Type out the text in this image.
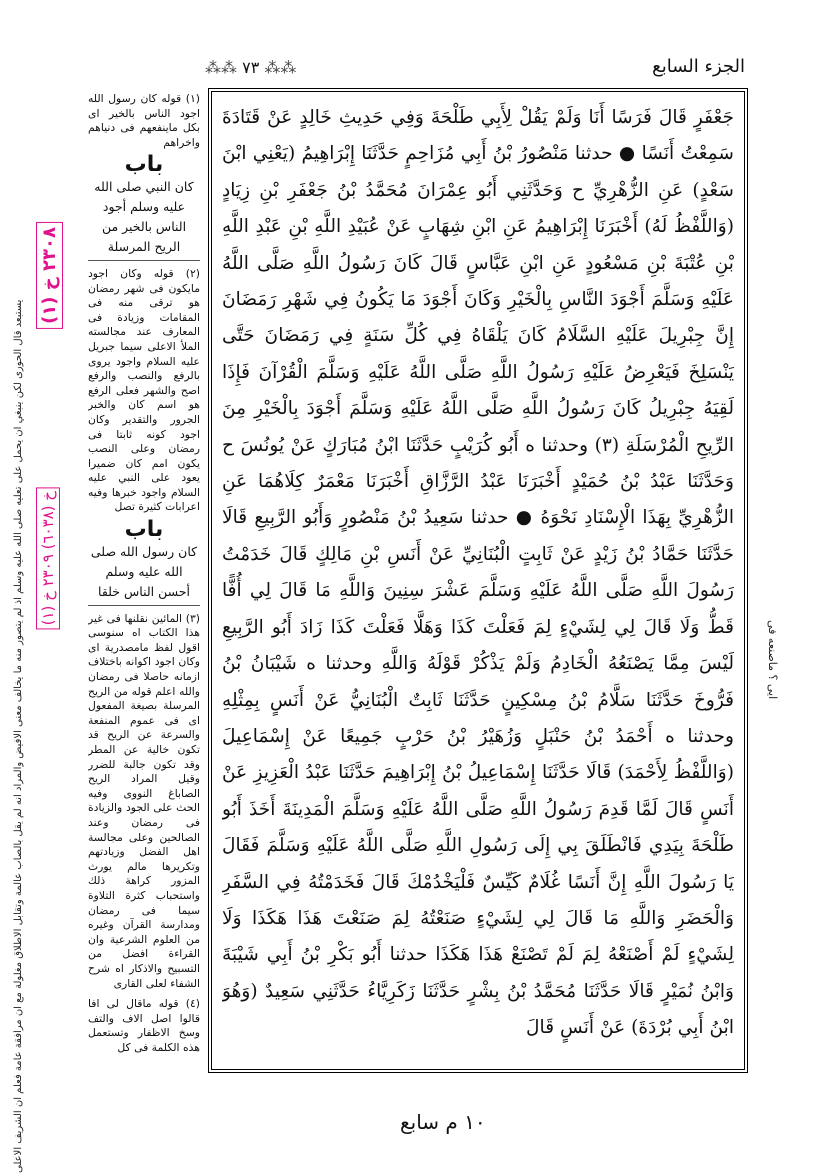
الجزء السابع
⁂⁂ ٧٣ ⁂⁂

جَعْفَرٍ قَالَ فَرَسًا أَنَا وَلَمْ يَقُلْ لِأَبِي طَلْحَةَ وَفِي حَدِيثِ خَالِدٍ عَنْ قَتَادَةَ سَمِعْتُ أَنَسًا ● حدثنا مَنْصُورُ بْنُ أَبِي مُزَاحِمٍ حَدَّثَنَا إِبْرَاهِيمُ (يَعْنِي ابْنَ سَعْدٍ) عَنِ الزُّهْرِيِّ ح وَحَدَّثَنِي أَبُو عِمْرَانَ مُحَمَّدُ بْنُ جَعْفَرِ بْنِ زِيَادٍ (وَاللَّفْظُ لَهُ) أَخْبَرَنَا إِبْرَاهِيمُ عَنِ ابْنِ شِهَابٍ عَنْ عُبَيْدِ اللَّهِ بْنِ عَبْدِ اللَّهِ بْنِ عُتْبَةَ بْنِ مَسْعُودٍ عَنِ ابْنِ عَبَّاسٍ قَالَ كَانَ رَسُولُ اللَّهِ صَلَّى اللَّهُ عَلَيْهِ وَسَلَّمَ أَجْوَدَ النَّاسِ بِالْخَيْرِ وَكَانَ أَجْوَدَ مَا يَكُونُ فِي شَهْرِ رَمَضَانَ إِنَّ جِبْرِيلَ عَلَيْهِ السَّلَامُ كَانَ يَلْقَاهُ فِي كُلِّ سَنَةٍ فِي رَمَضَانَ حَتَّى يَنْسَلِخَ فَيَعْرِضُ عَلَيْهِ رَسُولُ اللَّهِ صَلَّى اللَّهُ عَلَيْهِ وَسَلَّمَ الْقُرْآنَ فَإِذَا لَقِيَهُ جِبْرِيلُ كَانَ رَسُولُ اللَّهِ صَلَّى اللَّهُ عَلَيْهِ وَسَلَّمَ أَجْوَدَ بِالْخَيْرِ مِنَ الرِّيحِ الْمُرْسَلَةِ (٣) وحدثنا ه أَبُو كُرَيْبٍ حَدَّثَنَا ابْنُ مُبَارَكٍ عَنْ يُونُسَ ح وَحَدَّثَنَا عَبْدُ بْنُ حُمَيْدٍ أَخْبَرَنَا عَبْدُ الرَّزَّاقِ أَخْبَرَنَا مَعْمَرٌ كِلَاهُمَا عَنِ الزُّهْرِيِّ بِهَذَا الْإِسْنَادِ نَحْوَهُ ● حدثنا سَعِيدُ بْنُ مَنْصُورٍ وَأَبُو الرَّبِيعِ قَالَا حَدَّثَنَا حَمَّادُ بْنُ زَيْدٍ عَنْ ثَابِتٍ الْبُنَانِيِّ عَنْ أَنَسِ بْنِ مَالِكٍ قَالَ خَدَمْتُ رَسُولَ اللَّهِ صَلَّى اللَّهُ عَلَيْهِ وَسَلَّمَ عَشْرَ سِنِينَ وَاللَّهِ مَا قَالَ لِي أُفًّا قَطُّ وَلَا قَالَ لِي لِشَيْءٍ لِمَ فَعَلْتَ كَذَا وَهَلَّا فَعَلْتَ كَذَا زَادَ أَبُو الرَّبِيعِ لَيْسَ مِمَّا يَصْنَعُهُ الْخَادِمُ وَلَمْ يَذْكُرْ قَوْلَهُ وَاللَّهِ وحدثنا ه شَيْبَانُ بْنُ فَرُّوخَ حَدَّثَنَا سَلَّامُ بْنُ مِسْكِينٍ حَدَّثَنَا ثَابِتٌ الْبُنَانِيُّ عَنْ أَنَسٍ بِمِثْلِهِ وحدثنا ه أَحْمَدُ بْنُ حَنْبَلٍ وَزُهَيْرُ بْنُ حَرْبٍ جَمِيعًا عَنْ إِسْمَاعِيلَ (وَاللَّفْظُ لِأَحْمَدَ) قَالَا حَدَّثَنَا إِسْمَاعِيلُ بْنُ إِبْرَاهِيمَ حَدَّثَنَا عَبْدُ الْعَزِيزِ عَنْ أَنَسٍ قَالَ لَمَّا قَدِمَ رَسُولُ اللَّهِ صَلَّى اللَّهُ عَلَيْهِ وَسَلَّمَ الْمَدِينَةَ أَخَذَ أَبُو طَلْحَةَ بِيَدِي فَانْطَلَقَ بِي إِلَى رَسُولِ اللَّهِ صَلَّى اللَّهُ عَلَيْهِ وَسَلَّمَ فَقَالَ يَا رَسُولَ اللَّهِ إِنَّ أَنَسًا غُلَامٌ كَيِّسٌ فَلْيَخْدُمْكَ قَالَ فَخَدَمْتُهُ فِي السَّفَرِ وَالْحَضَرِ وَاللَّهِ مَا قَالَ لِي لِشَيْءٍ صَنَعْتُهُ لِمَ صَنَعْتَ هَذَا هَكَذَا وَلَا لِشَيْءٍ لَمْ أَصْنَعْهُ لِمَ لَمْ تَصْنَعْ هَذَا هَكَذَا حدثنا أَبُو بَكْرِ بْنُ أَبِي شَيْبَةَ وَابْنُ نُمَيْرٍ قَالَا حَدَّثَنَا مُحَمَّدُ بْنُ بِشْرٍ حَدَّثَنَا زَكَرِيَّاءُ حَدَّثَنِي سَعِيدٌ (وَهُوَ ابْنُ أَبِي بُرْدَةَ) عَنْ أَنَسٍ قَالَ

(١) قوله كان رسول الله اجود الناس بالخير اى بكل ماينفعهم فى دنياهم واخراهم

باب
كان النبي صلى الله عليه وسلم أجود الناس بالخير من الريح المرسلة

(٢) قوله وكان اجود مايكون فى شهر رمضان هو ترقى منه فى المقامات وزيادة فى المعارف عند مجالسته الملأ الاعلى سيما جبريل عليه السلام واجود يروى بالرفع والنصب والرفع اصح والشهر فعلى الرفع هو اسم كان والخبر الجرور والتقدير وكان اجود كونه ثابتا فى رمضان وعلى النصب يكون امم كان ضميرا يعود على النبي عليه السلام واجود خبرها وفيه اعرابات كثيرة تصل

باب
كان رسول الله صلى الله عليه وسلم أحسن الناس خلقا

(٣) المائين نقلنها فى غير هذا الكتاب اه سنوسى اقول لفظ مامصدرية اى وكان اجود اكوانه باختلاف ازمانه حاصلا فى رمضان والله اعلم قوله من الريح المرسلة بصيغة المفعول اى فى عموم المنفعة والسرعة عن الريح قد تكون خالية عن المطر وقد تكون جالبة للضرر وقيل المراد الريح الصاباغ النووى وفيه الحث على الجود والزيادة فى رمضان وعند الصالحين وعلى مجالسة اهل الفضل وزيادتهم وتكريرها مالم يورث المزور كراهة ذلك واستحباب كثرة التلاوة سيما فى رمضان ومدارسة القرآن وغيره من العلوم الشرعية وان القراءة افضل من التسبيح والاذكار اه شرح الشفاء لعلى القارى

(٤) قوله ماقال لى افا قالوا اصل الاف والتف وسخ الاظفار وتستعمل هذه الكلمة فى كل

٢٣٠٨ خ (١)
خ (٦٠٣٨) ٢٣٠٩ خ (١)
يستبعد قال الحورى لكن ينبغي ان يحمل على تعليه صلى الله عليه وسلم اذ لم يتصور منه ما يخالف معنى الافيض والمراد انه لم يقل بالصاب عالمة وتقابل الاطلاق مغلولة مع ان مرافقة عامة فعلم ان الشريف الاعلى	ايى ؟ ماصنعه فى
١٠ م سابع
